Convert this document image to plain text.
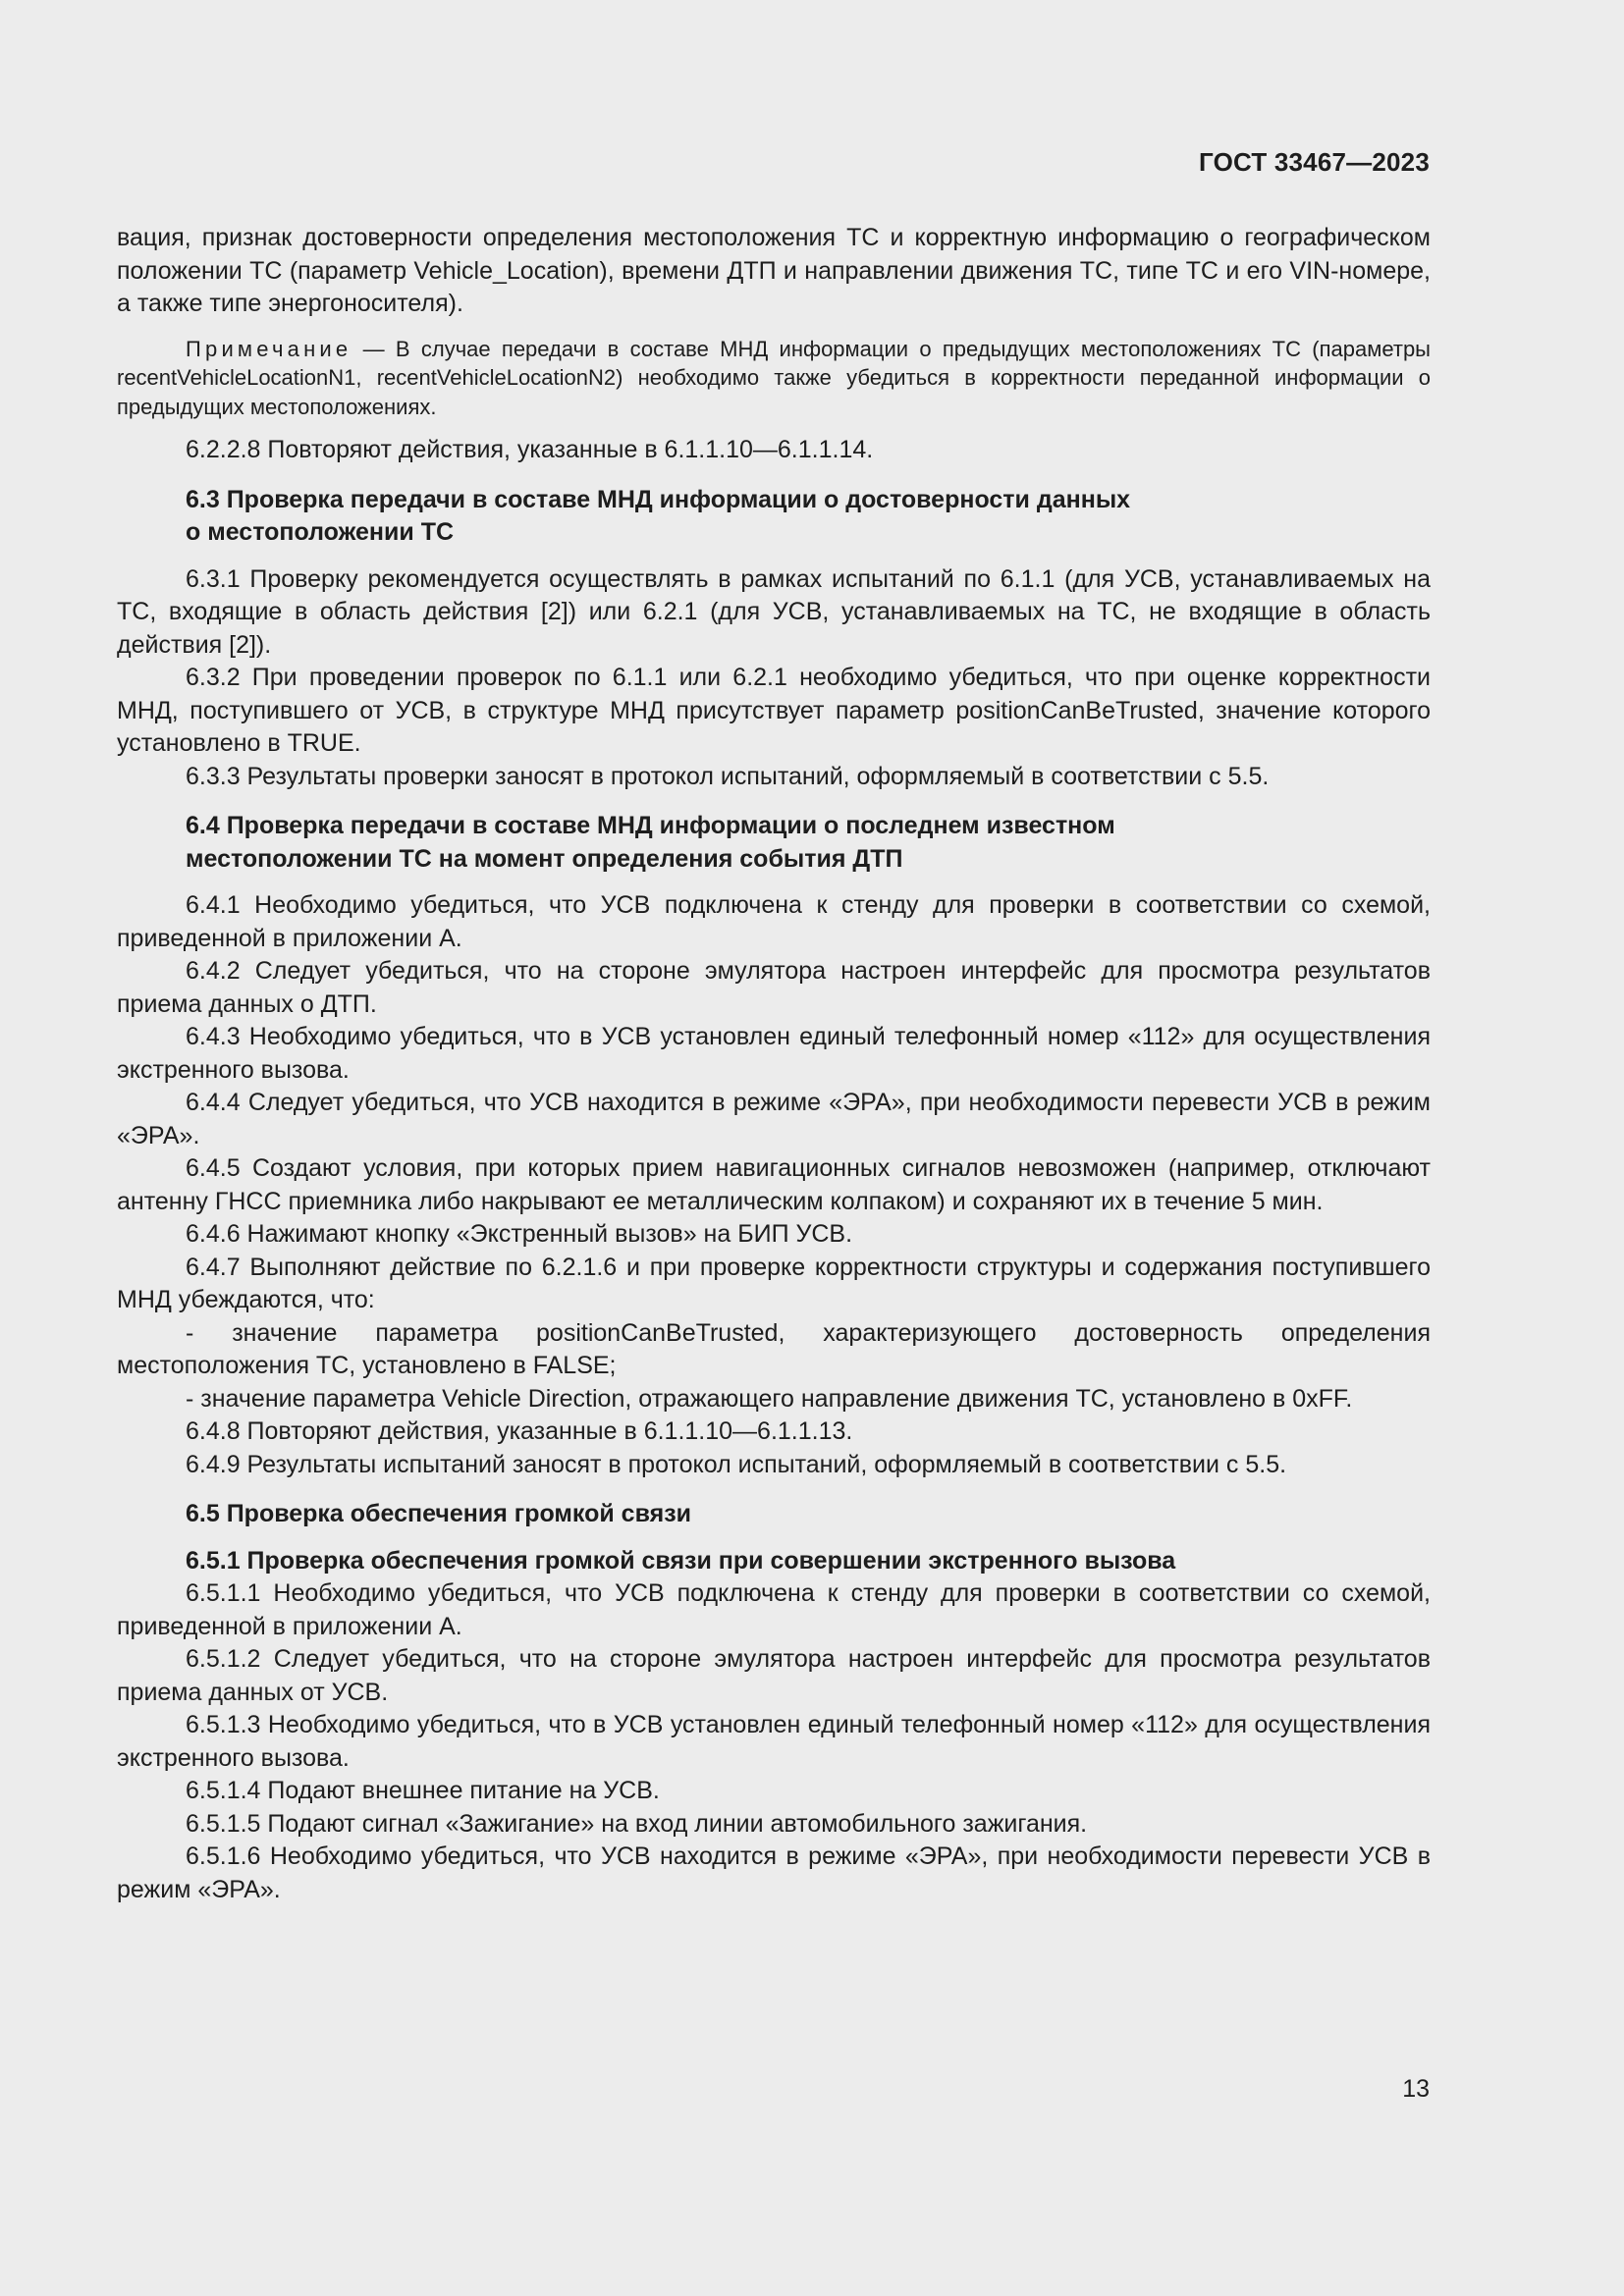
ГОСТ 33467—2023

вация, признак достоверности определения местоположения ТС и корректную информацию о географическом положении ТС (параметр Vehicle_Location), времени ДТП и направлении движения ТС, типе ТС и его VIN-номере, а также типе энергоносителя).

Примечание — В случае передачи в составе МНД информации о предыдущих местоположениях ТС (параметры recentVehicleLocationN1, recentVehicleLocationN2) необходимо также убедиться в корректности переданной информации о предыдущих местоположениях.

6.2.2.8 Повторяют действия, указанные в 6.1.1.10—6.1.1.14.

6.3 Проверка передачи в составе МНД информации о достоверности данных

о местоположении ТС

6.3.1 Проверку рекомендуется осуществлять в рамках испытаний по 6.1.1 (для УСВ, устанавливаемых на ТС, входящие в область действия [2]) или 6.2.1 (для УСВ, устанавливаемых на ТС, не входящие в область действия [2]).

6.3.2 При проведении проверок по 6.1.1 или 6.2.1 необходимо убедиться, что при оценке корректности МНД, поступившего от УСВ, в структуре МНД присутствует параметр positionCanBeTrusted, значение которого установлено в TRUE.

6.3.3 Результаты проверки заносят в протокол испытаний, оформляемый в соответствии с 5.5.

6.4 Проверка передачи в составе МНД информации о последнем известном

местоположении ТС на момент определения события ДТП

6.4.1 Необходимо убедиться, что УСВ подключена к стенду для проверки в соответствии со схемой, приведенной в приложении А.

6.4.2 Следует убедиться, что на стороне эмулятора настроен интерфейс для просмотра результатов приема данных о ДТП.

6.4.3 Необходимо убедиться, что в УСВ установлен единый телефонный номер «112» для осуществления экстренного вызова.

6.4.4 Следует убедиться, что УСВ находится в режиме «ЭРА», при необходимости перевести УСВ в режим «ЭРА».

6.4.5 Создают условия, при которых прием навигационных сигналов невозможен (например, отключают антенну ГНСС приемника либо накрывают ее металлическим колпаком) и сохраняют их в течение 5 мин.

6.4.6 Нажимают кнопку «Экстренный вызов» на БИП УСВ.

6.4.7 Выполняют действие по 6.2.1.6 и при проверке корректности структуры и содержания поступившего МНД убеждаются, что:

- значение параметра positionCanBeTrusted, характеризующего достоверность определения местоположения ТС, установлено в FALSE;

- значение параметра Vehicle Direction, отражающего направление движения ТС, установлено в 0xFF.

6.4.8 Повторяют действия, указанные в 6.1.1.10—6.1.1.13.

6.4.9 Результаты испытаний заносят в протокол испытаний, оформляемый в соответствии с 5.5.

6.5 Проверка обеспечения громкой связи

6.5.1 Проверка обеспечения громкой связи при совершении экстренного вызова

6.5.1.1 Необходимо убедиться, что УСВ подключена к стенду для проверки в соответствии со схемой, приведенной в приложении А.

6.5.1.2 Следует убедиться, что на стороне эмулятора настроен интерфейс для просмотра результатов приема данных от УСВ.

6.5.1.3 Необходимо убедиться, что в УСВ установлен единый телефонный номер «112» для осуществления экстренного вызова.

6.5.1.4 Подают внешнее питание на УСВ.

6.5.1.5 Подают сигнал «Зажигание» на вход линии автомобильного зажигания.

6.5.1.6 Необходимо убедиться, что УСВ находится в режиме «ЭРА», при необходимости перевести УСВ в режим «ЭРА».

13
